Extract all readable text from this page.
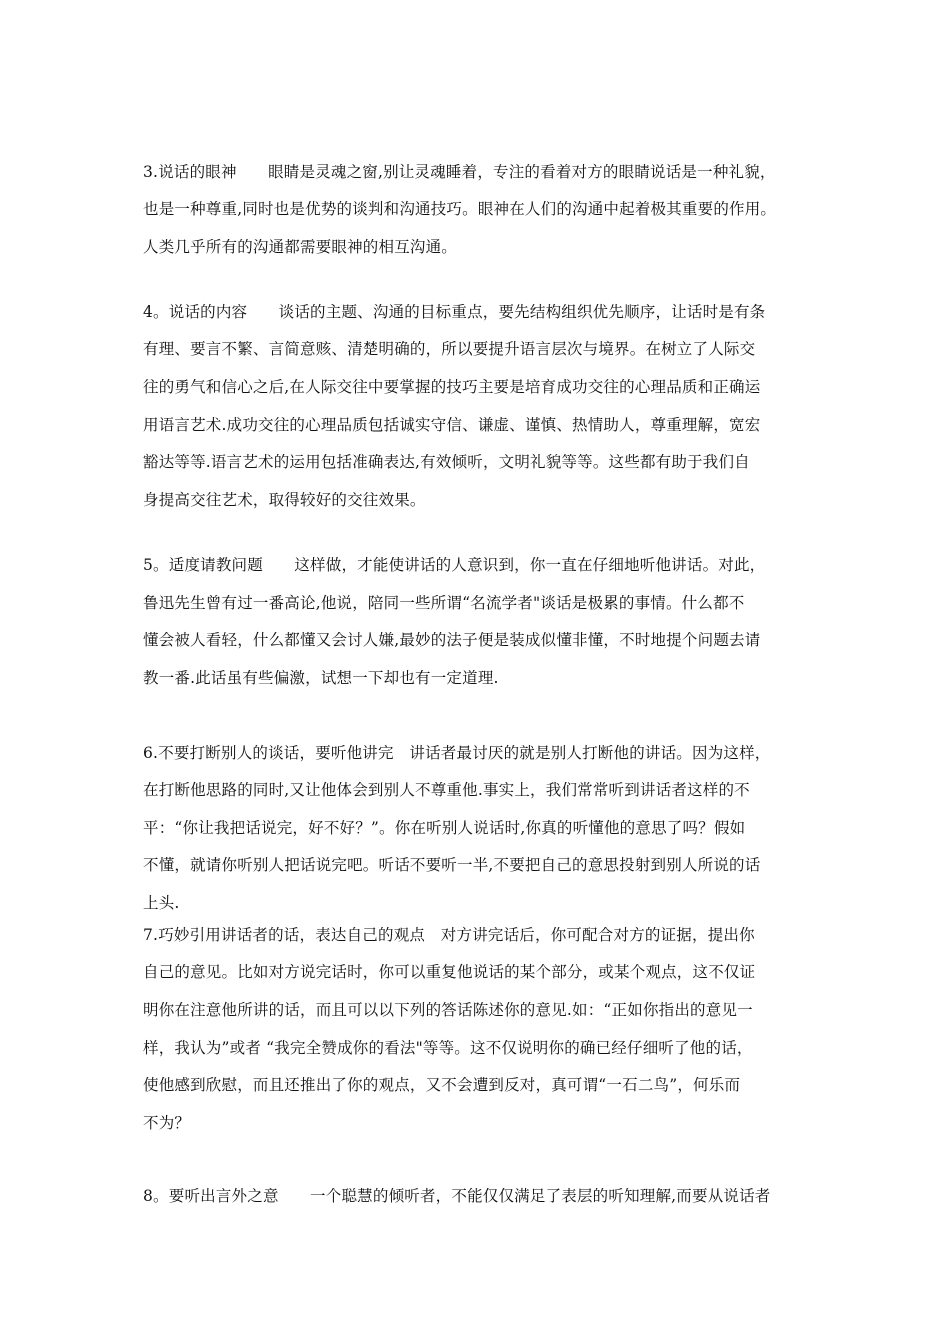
3.说话的眼神　　眼睛是灵魂之窗,别让灵魂睡着，专注的看着对方的眼睛说话是一种礼貌，
也是一种尊重,同时也是优势的谈判和沟通技巧。眼神在人们的沟通中起着极其重要的作用。
人类几乎所有的沟通都需要眼神的相互沟通。
4。说话的内容　　谈话的主题、沟通的目标重点，要先结构组织优先顺序，让话时是有条
有理、要言不繁、言简意赅、清楚明确的，所以要提升语言层次与境界。在树立了人际交
往的勇气和信心之后,在人际交往中要掌握的技巧主要是培育成功交往的心理品质和正确运
用语言艺术.成功交往的心理品质包括诚实守信、谦虚、谨慎、热情助人，尊重理解，宽宏
豁达等等.语言艺术的运用包括准确表达,有效倾听，文明礼貌等等。这些都有助于我们自
身提高交往艺术，取得较好的交往效果。
5。适度请教问题　　这样做，才能使讲话的人意识到，你一直在仔细地听他讲话。对此，
鲁迅先生曾有过一番高论,他说，陪同一些所谓“名流学者"谈话是极累的事情。什么都不
懂会被人看轻，什么都懂又会讨人嫌,最妙的法子便是装成似懂非懂，不时地提个问题去请
教一番.此话虽有些偏激，试想一下却也有一定道理.
6.不要打断别人的谈话，要听他讲完　讲话者最讨厌的就是别人打断他的讲话。因为这样，
在打断他思路的同时,又让他体会到别人不尊重他.事实上，我们常常听到讲话者这样的不
平：“你让我把话说完，好不好？”。你在听别人说话时,你真的听懂他的意思了吗？假如
不懂，就请你听别人把话说完吧。听话不要听一半,不要把自己的意思投射到别人所说的话
上头.
7.巧妙引用讲话者的话，表达自己的观点　对方讲完话后，你可配合对方的证据，提出你
自己的意见。比如对方说完话时，你可以重复他说话的某个部分，或某个观点，这不仅证
明你在注意他所讲的话，而且可以以下列的答话陈述你的意见.如：“正如你指出的意见一
样，我认为”或者 “我完全赞成你的看法"等等。这不仅说明你的确已经仔细听了他的话，
使他感到欣慰，而且还推出了你的观点，又不会遭到反对，真可谓“一石二鸟”，何乐而
不为？
8。要听出言外之意　　一个聪慧的倾听者，不能仅仅满足了表层的听知理解,而要从说话者
